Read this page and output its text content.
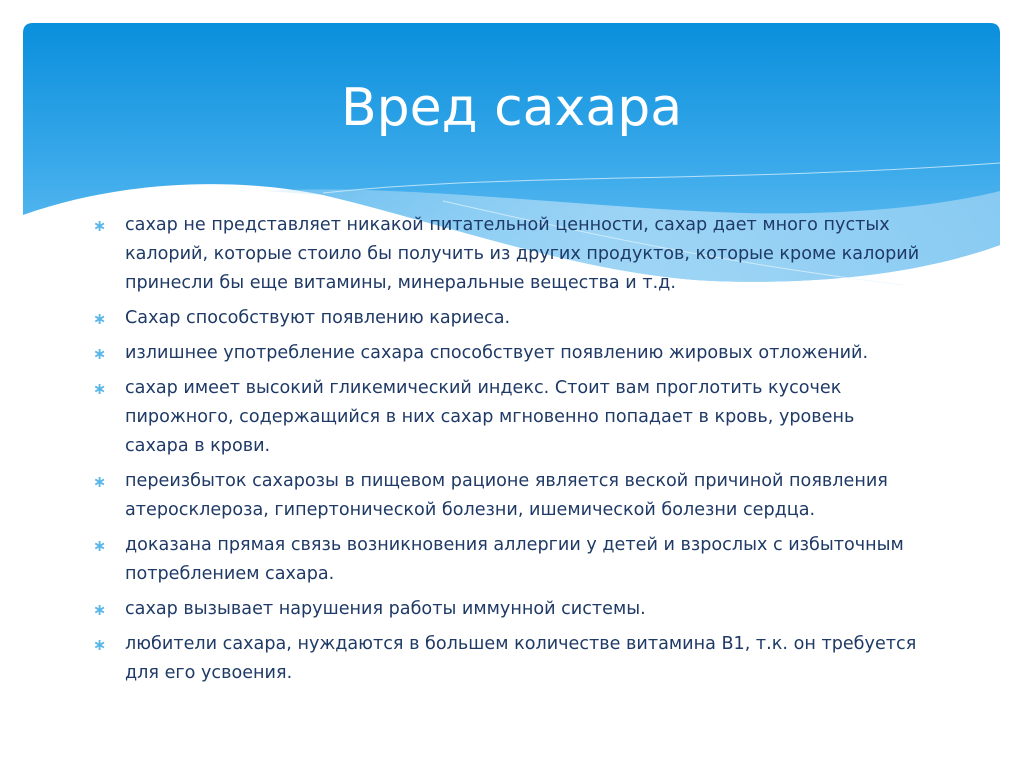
Вред сахара
∗ сахар не представляет никакой питательной ценности, сахар дает много пустых калорий, которые стоило бы получить из других продуктов, которые кроме калорий принесли бы еще витамины, минеральные вещества и т.д.
∗ Сахар способствуют появлению кариеса.
∗ излишнее употребление сахара способствует появлению жировых отложений.
∗ сахар имеет высокий гликемический индекс. Стоит вам проглотить кусочек пирожного, содержащийся в них сахар мгновенно попадает в кровь, уровень сахара в крови.
∗ переизбыток сахарозы в пищевом рационе является веской причиной появления атеросклероза, гипертонической болезни, ишемической болезни сердца.
∗ доказана прямая связь возникновения аллергии у детей и взрослых с избыточным потреблением сахара.
∗ сахар вызывает нарушения работы иммунной системы.
∗ любители сахара, нуждаются в большем количестве витамина В1, т.к. он требуется для его усвоения.
